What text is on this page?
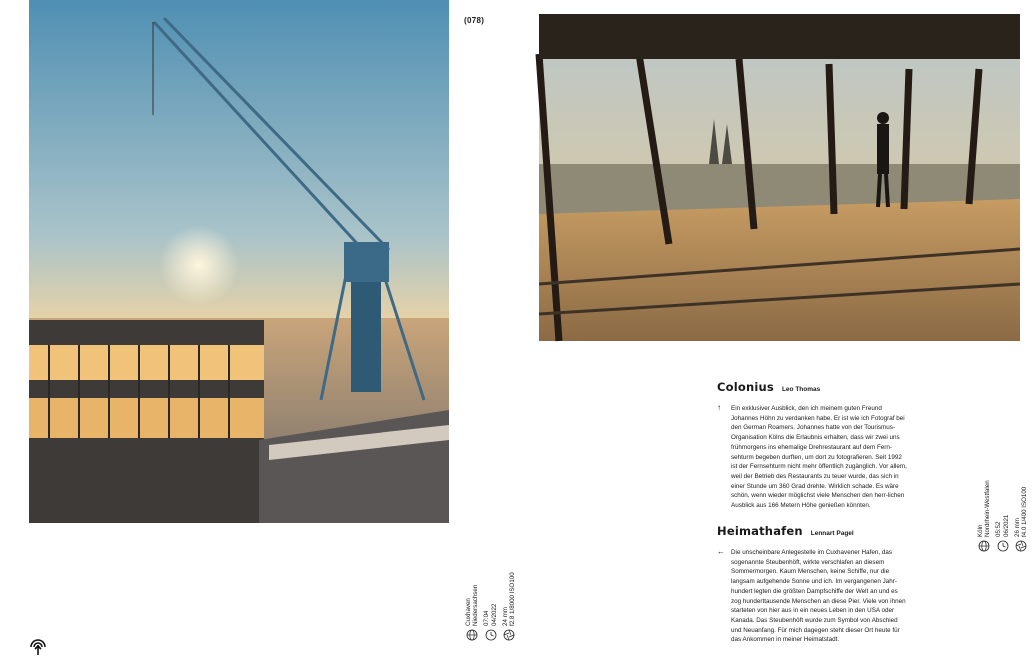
(078)
Cuxhaven Niedersachsen 07:04 04/2022 24 mm f2.8 1/8000 ISO100
Köln Nordrhein-Westfalen 05:52 06/2021 26 mm f4.0 1/400 ISO100
Colonius Leo Thomas
↑ Ein exklusiver Ausblick, den ich meinem guten Freund Johannes Höhn zu verdanken habe. Er ist wie ich Fotograf bei den German Roamers. Johannes hatte von der Tourismus-Organisation Kölns die Erlaubnis erhalten, dass wir zwei uns frühmorgens ins ehemalige Drehrestaurant auf dem Fern-sehturm begeben durften, um dort zu fotografieren. Seit 1992 ist der Fernsehturm nicht mehr öffentlich zugänglich. Vor allem, weil der Betrieb des Restaurants zu teuer wurde, das sich in einer Stunde um 360 Grad drehte. Wirklich schade. Es wäre schön, wenn wieder möglichst viele Menschen den herr-lichen Ausblick aus 166 Metern Höhe genießen könnten.
Heimathafen Lennart Pagel
← Die unscheinbare Anlegestelle im Cuxhavener Hafen, das sogenannte Steubenhöft, wirkte verschlafen an diesem Sommermorgen. Kaum Menschen, keine Schiffe, nur die langsam aufgehende Sonne und ich. Im vergangenen Jahr-hundert legten die größten Dampfschiffe der Welt an und es zog hunderttausende Menschen an diese Pier. Viele von ihnen starteten von hier aus in ein neues Leben in den USA oder Kanada. Das Steubenhöft wurde zum Symbol von Abschied und Neuanfang. Für mich dagegen steht dieser Ort heute für das Ankommen in meiner Heimatstadt.
